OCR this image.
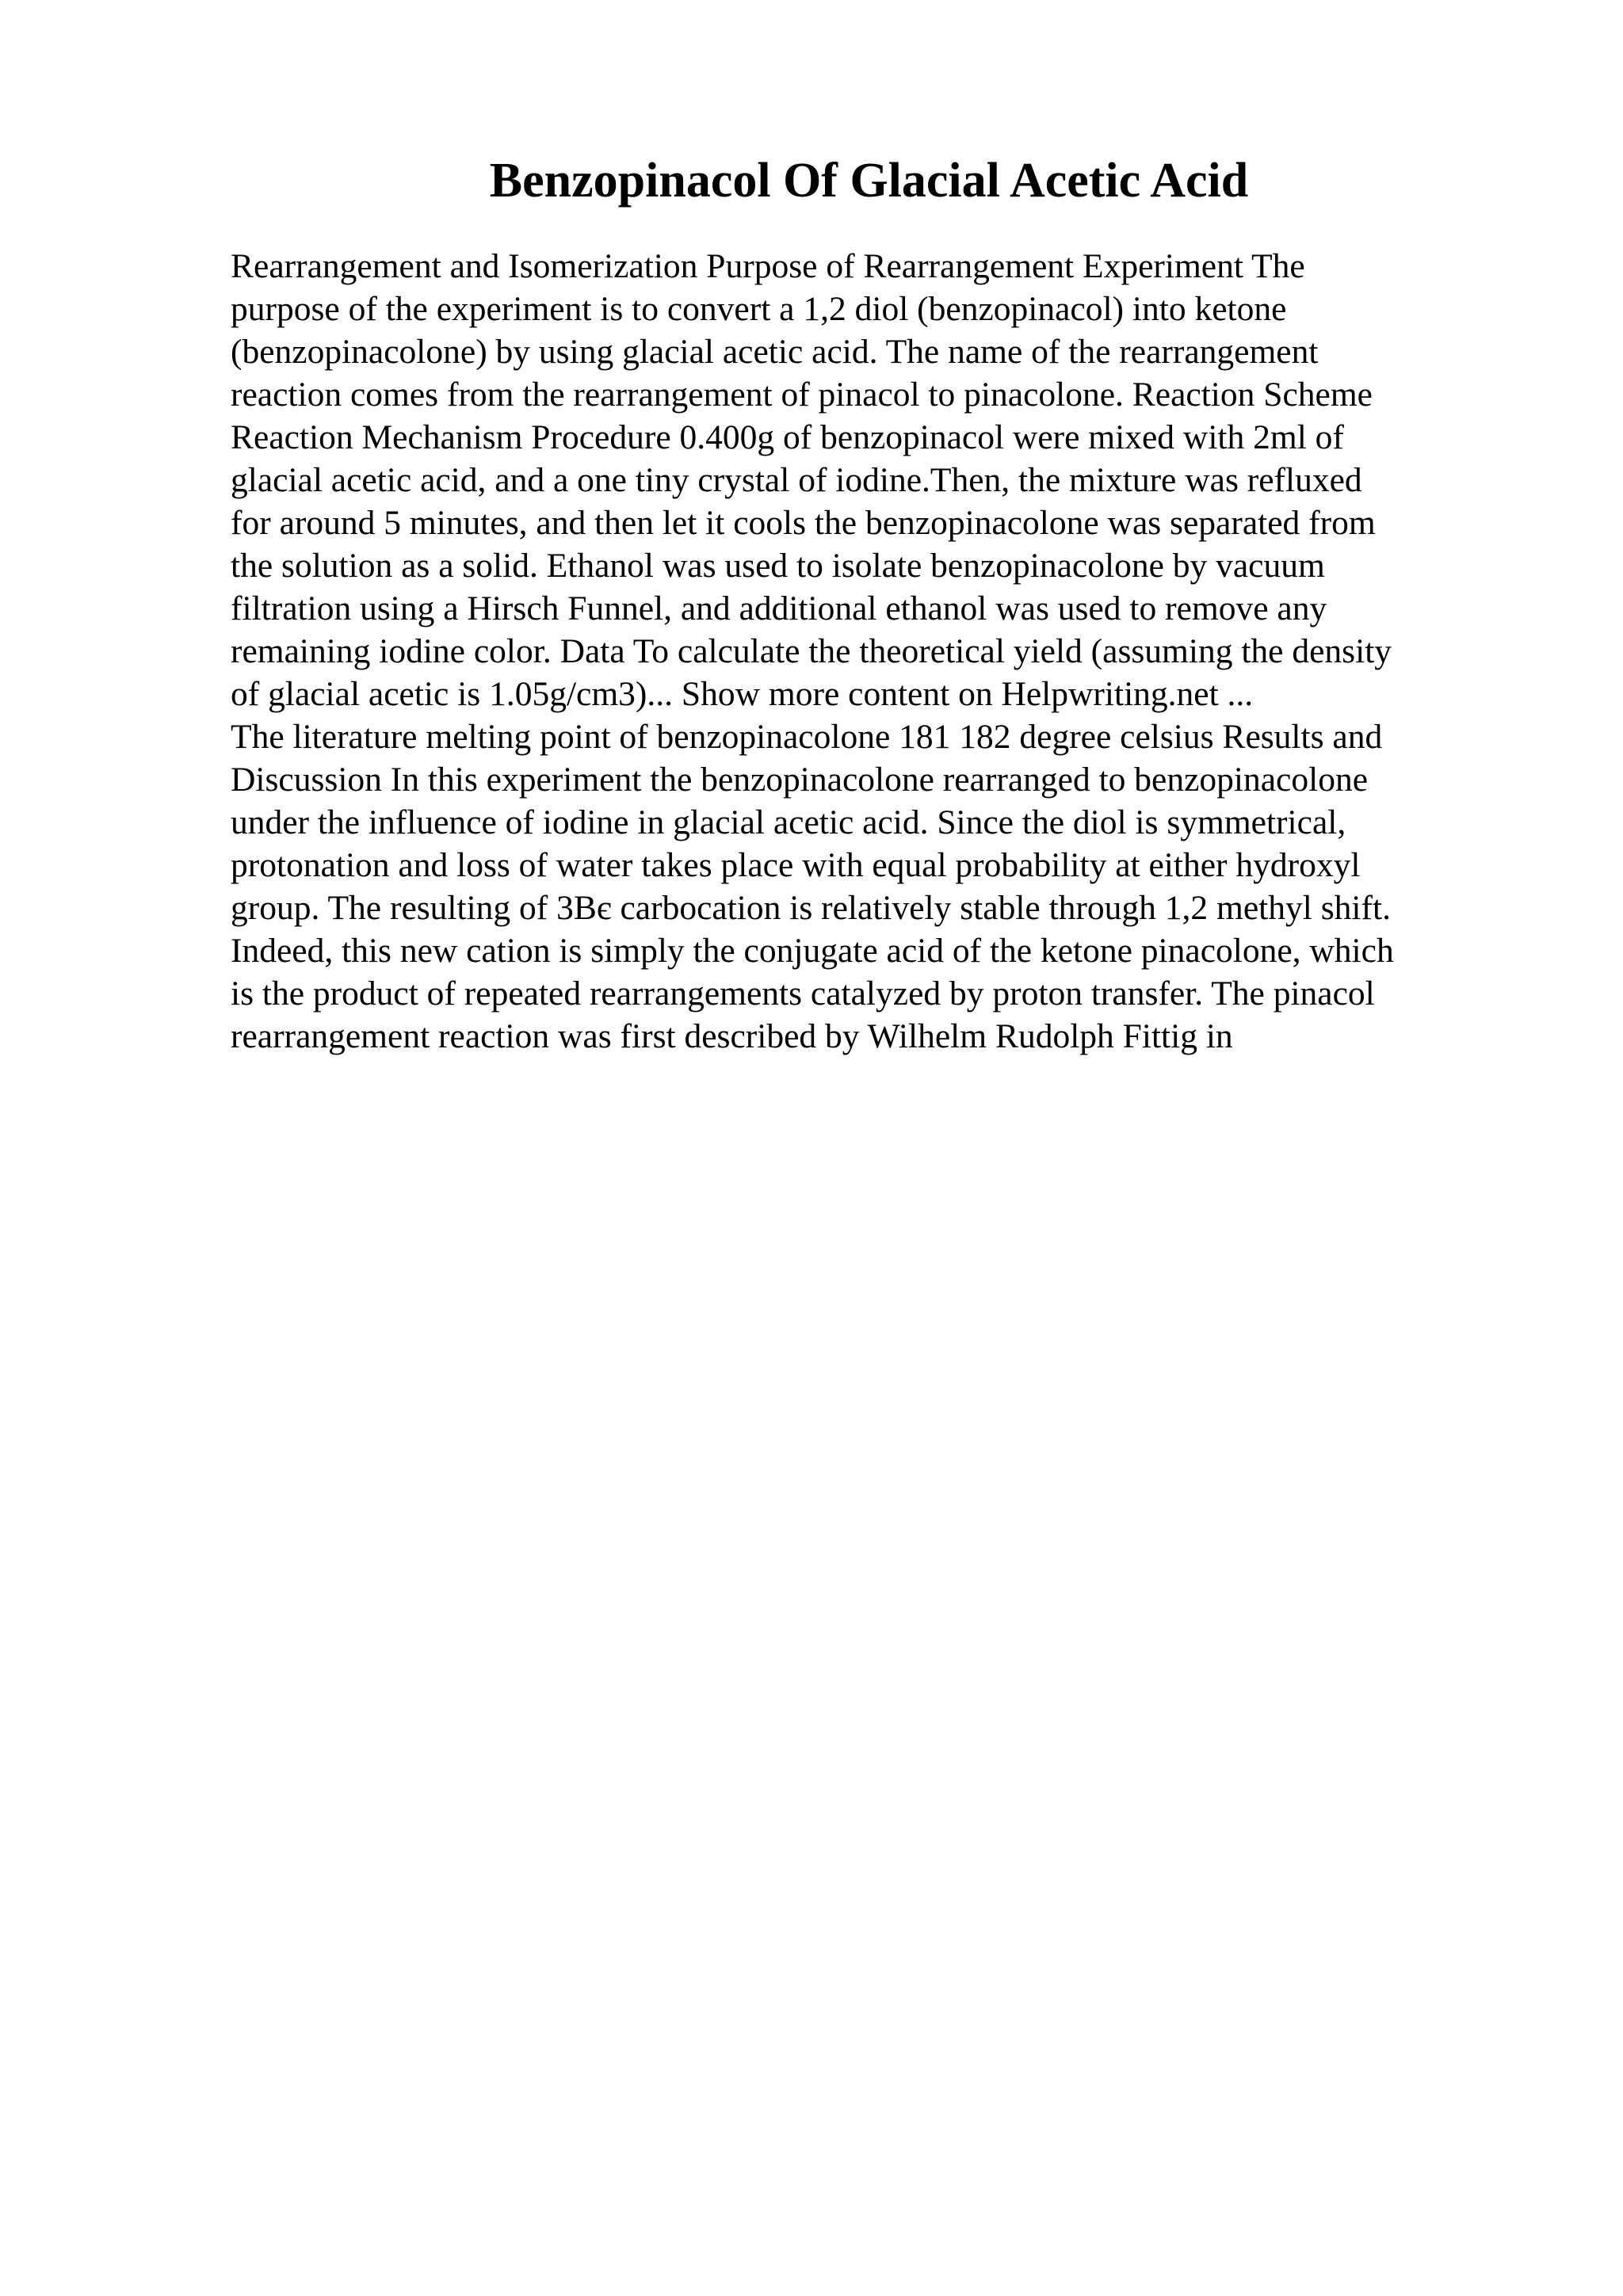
Benzopinacol Of Glacial Acetic Acid
Rearrangement and Isomerization Purpose of Rearrangement Experiment The
purpose of the experiment is to convert a 1,2 diol (benzopinacol) into ketone
(benzopinacolone) by using glacial acetic acid. The name of the rearrangement
reaction comes from the rearrangement of pinacol to pinacolone. Reaction Scheme
Reaction Mechanism Procedure 0.400g of benzopinacol were mixed with 2ml of
glacial acetic acid, and a one tiny crystal of iodine.Then, the mixture was refluxed
for around 5 minutes, and then let it cools the benzopinacolone was separated from
the solution as a solid. Ethanol was used to isolate benzopinacolone by vacuum
filtration using a Hirsch Funnel, and additional ethanol was used to remove any
remaining iodine color. Data To calculate the theoretical yield (assuming the density
of glacial acetic is 1.05g/cm3)... Show more content on Helpwriting.net ...
The literature melting point of benzopinacolone 181 182 degree celsius Results and
Discussion In this experiment the benzopinacolone rearranged to benzopinacolone
under the influence of iodine in glacial acetic acid. Since the diol is symmetrical,
protonation and loss of water takes place with equal probability at either hydroxyl
group. The resulting of 3Bє carbocation is relatively stable through 1,2 methyl shift.
Indeed, this new cation is simply the conjugate acid of the ketone pinacolone, which
is the product of repeated rearrangements catalyzed by proton transfer. The pinacol
rearrangement reaction was first described by Wilhelm Rudolph Fittig in
